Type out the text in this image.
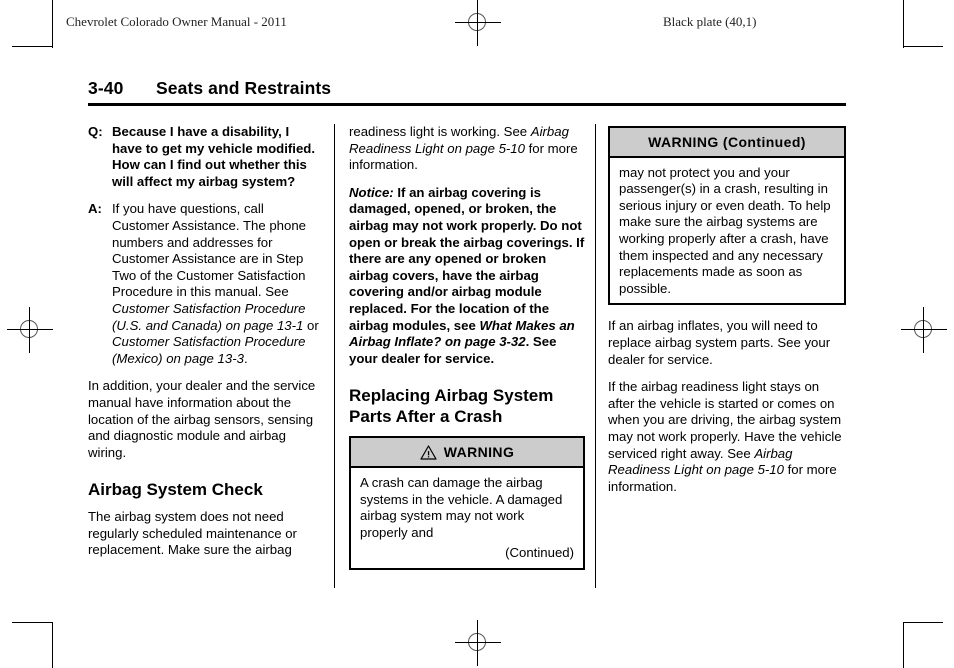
Chevrolet Colorado Owner Manual - 2011	Black plate (40,1)
3-40	Seats and Restraints
Q: Because I have a disability, I have to get my vehicle modified. How can I find out whether this will affect my airbag system?
A: If you have questions, call Customer Assistance. The phone numbers and addresses for Customer Assistance are in Step Two of the Customer Satisfaction Procedure in this manual. See Customer Satisfaction Procedure (U.S. and Canada) on page 13-1 or Customer Satisfaction Procedure (Mexico) on page 13-3.

In addition, your dealer and the service manual have information about the location of the airbag sensors, sensing and diagnostic module and airbag wiring.

Airbag System Check

The airbag system does not need regularly scheduled maintenance or replacement. Make sure the airbag

readiness light is working. See Airbag Readiness Light on page 5-10 for more information.

Notice: If an airbag covering is damaged, opened, or broken, the airbag may not work properly. Do not open or break the airbag coverings. If there are any opened or broken airbag covers, have the airbag covering and/or airbag module replaced. For the location of the airbag modules, see What Makes an Airbag Inflate? on page 3-32. See your dealer for service.

Replacing Airbag System Parts After a Crash
WARNING
A crash can damage the airbag systems in the vehicle. A damaged airbag system may not work properly and
(Continued)
WARNING (Continued)
may not protect you and your passenger(s) in a crash, resulting in serious injury or even death. To help make sure the airbag systems are working properly after a crash, have them inspected and any necessary replacements made as soon as possible.

If an airbag inflates, you will need to replace airbag system parts. See your dealer for service.

If the airbag readiness light stays on after the vehicle is started or comes on when you are driving, the airbag system may not work properly. Have the vehicle serviced right away. See Airbag Readiness Light on page 5-10 for more information.
